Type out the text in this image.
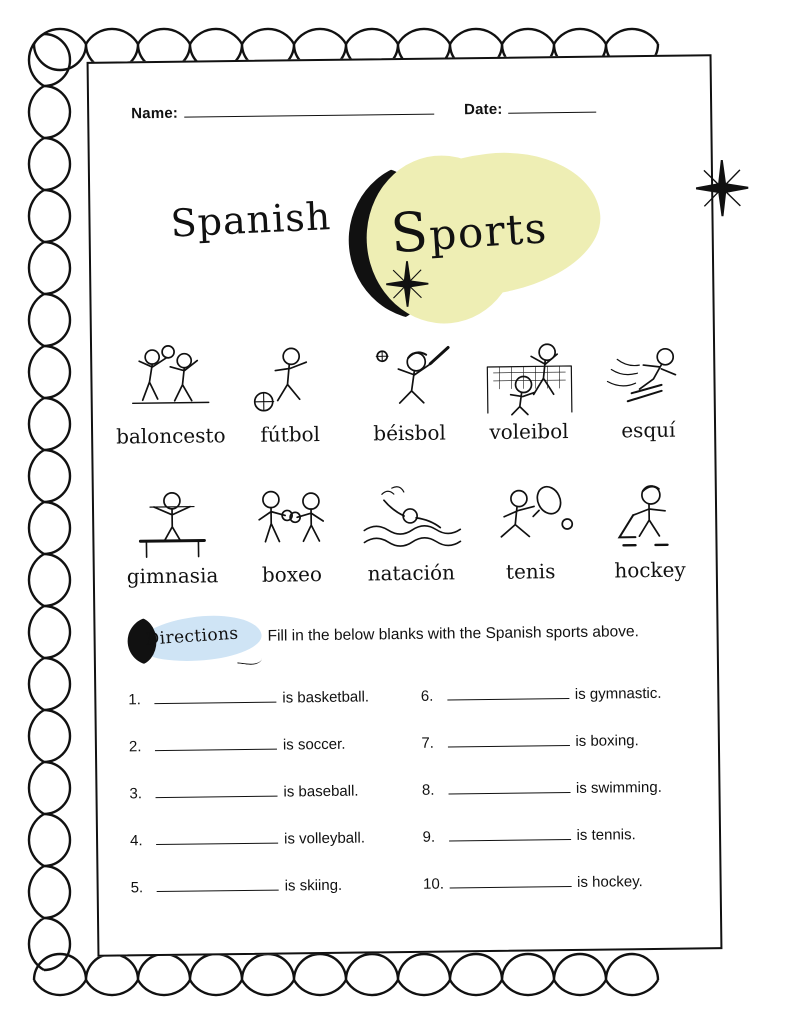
Name:	Date:
Spanish Sports
baloncesto	fútbol	béisbol	voleibol	esquí
gimnasia	boxeo	natación	tenis	hockey
Directions Fill in the below blanks with the Spanish sports above.
1.	is basketball.	6.	is gymnastic.
2.	is soccer.	7.	is boxing.
3.	is baseball.	8.	is swimming.
4.	is volleyball.	9.	is tennis.
5.	is skiing.	10.	is hockey.
